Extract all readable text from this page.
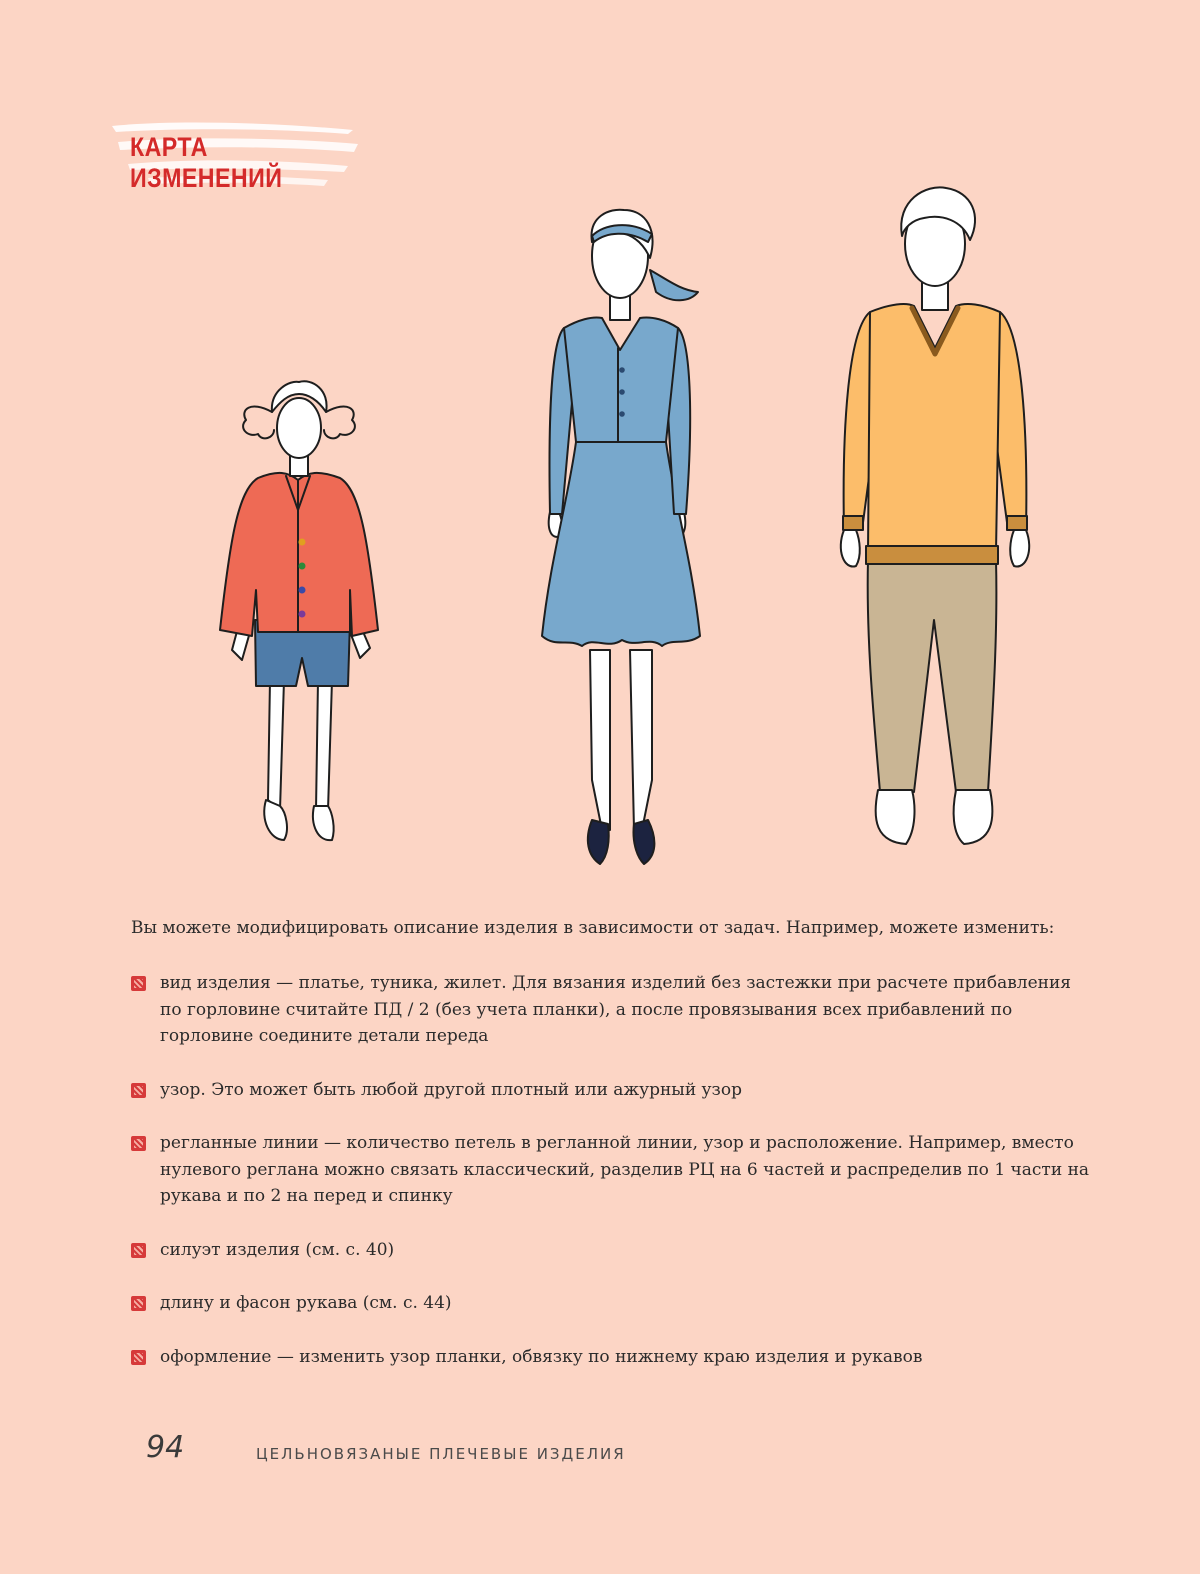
КАРТА ИЗМЕНЕНИЙ
Вы можете модифицировать описание изделия в зависимости от задач. Например, можете изменить:
вид изделия — платье, туника, жилет. Для вязания изделий без застежки при расчете прибавления по горловине считайте ПД / 2 (без учета планки), а после провязывания всех прибавлений по горловине соедините детали переда
узор. Это может быть любой другой плотный или ажурный узор
регланные линии — количество петель в регланной линии, узор и расположение. Например, вместо нулевого реглана можно связать классический, разделив РЦ на 6 частей и распределив по 1 части на рукава и по 2 на перед и спинку
силуэт изделия (см. с. 40)
длину и фасон рукава (см. с. 44)
оформление — изменить узор планки, обвязку по нижнему краю изделия и рукавов
94	ЦЕЛЬНОВЯЗАНЫЕ ПЛЕЧЕВЫЕ ИЗДЕЛИЯ
